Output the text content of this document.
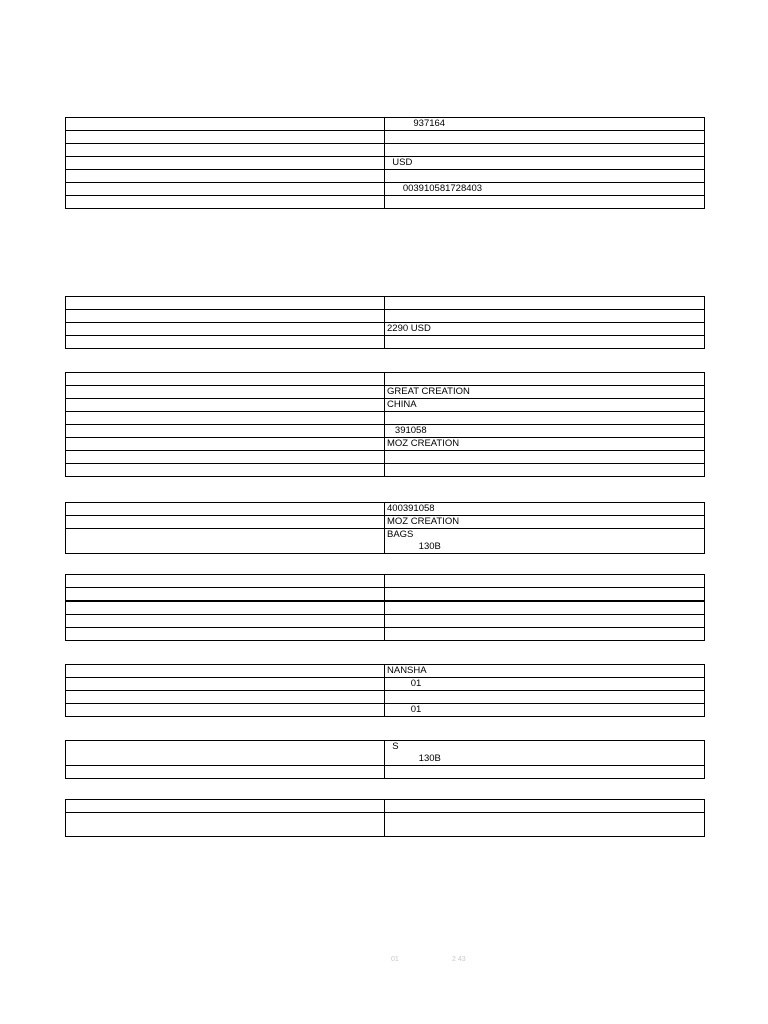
	937164

	USD

	003910581728403

	2290 USD

	GREAT CREATION
	CHINA

	391058
	MOZ CREATION

	400391058
	MOZ CREATION
	BAGS
130B

	NANSHA
	01

	01
	S
130B

01	2 43
